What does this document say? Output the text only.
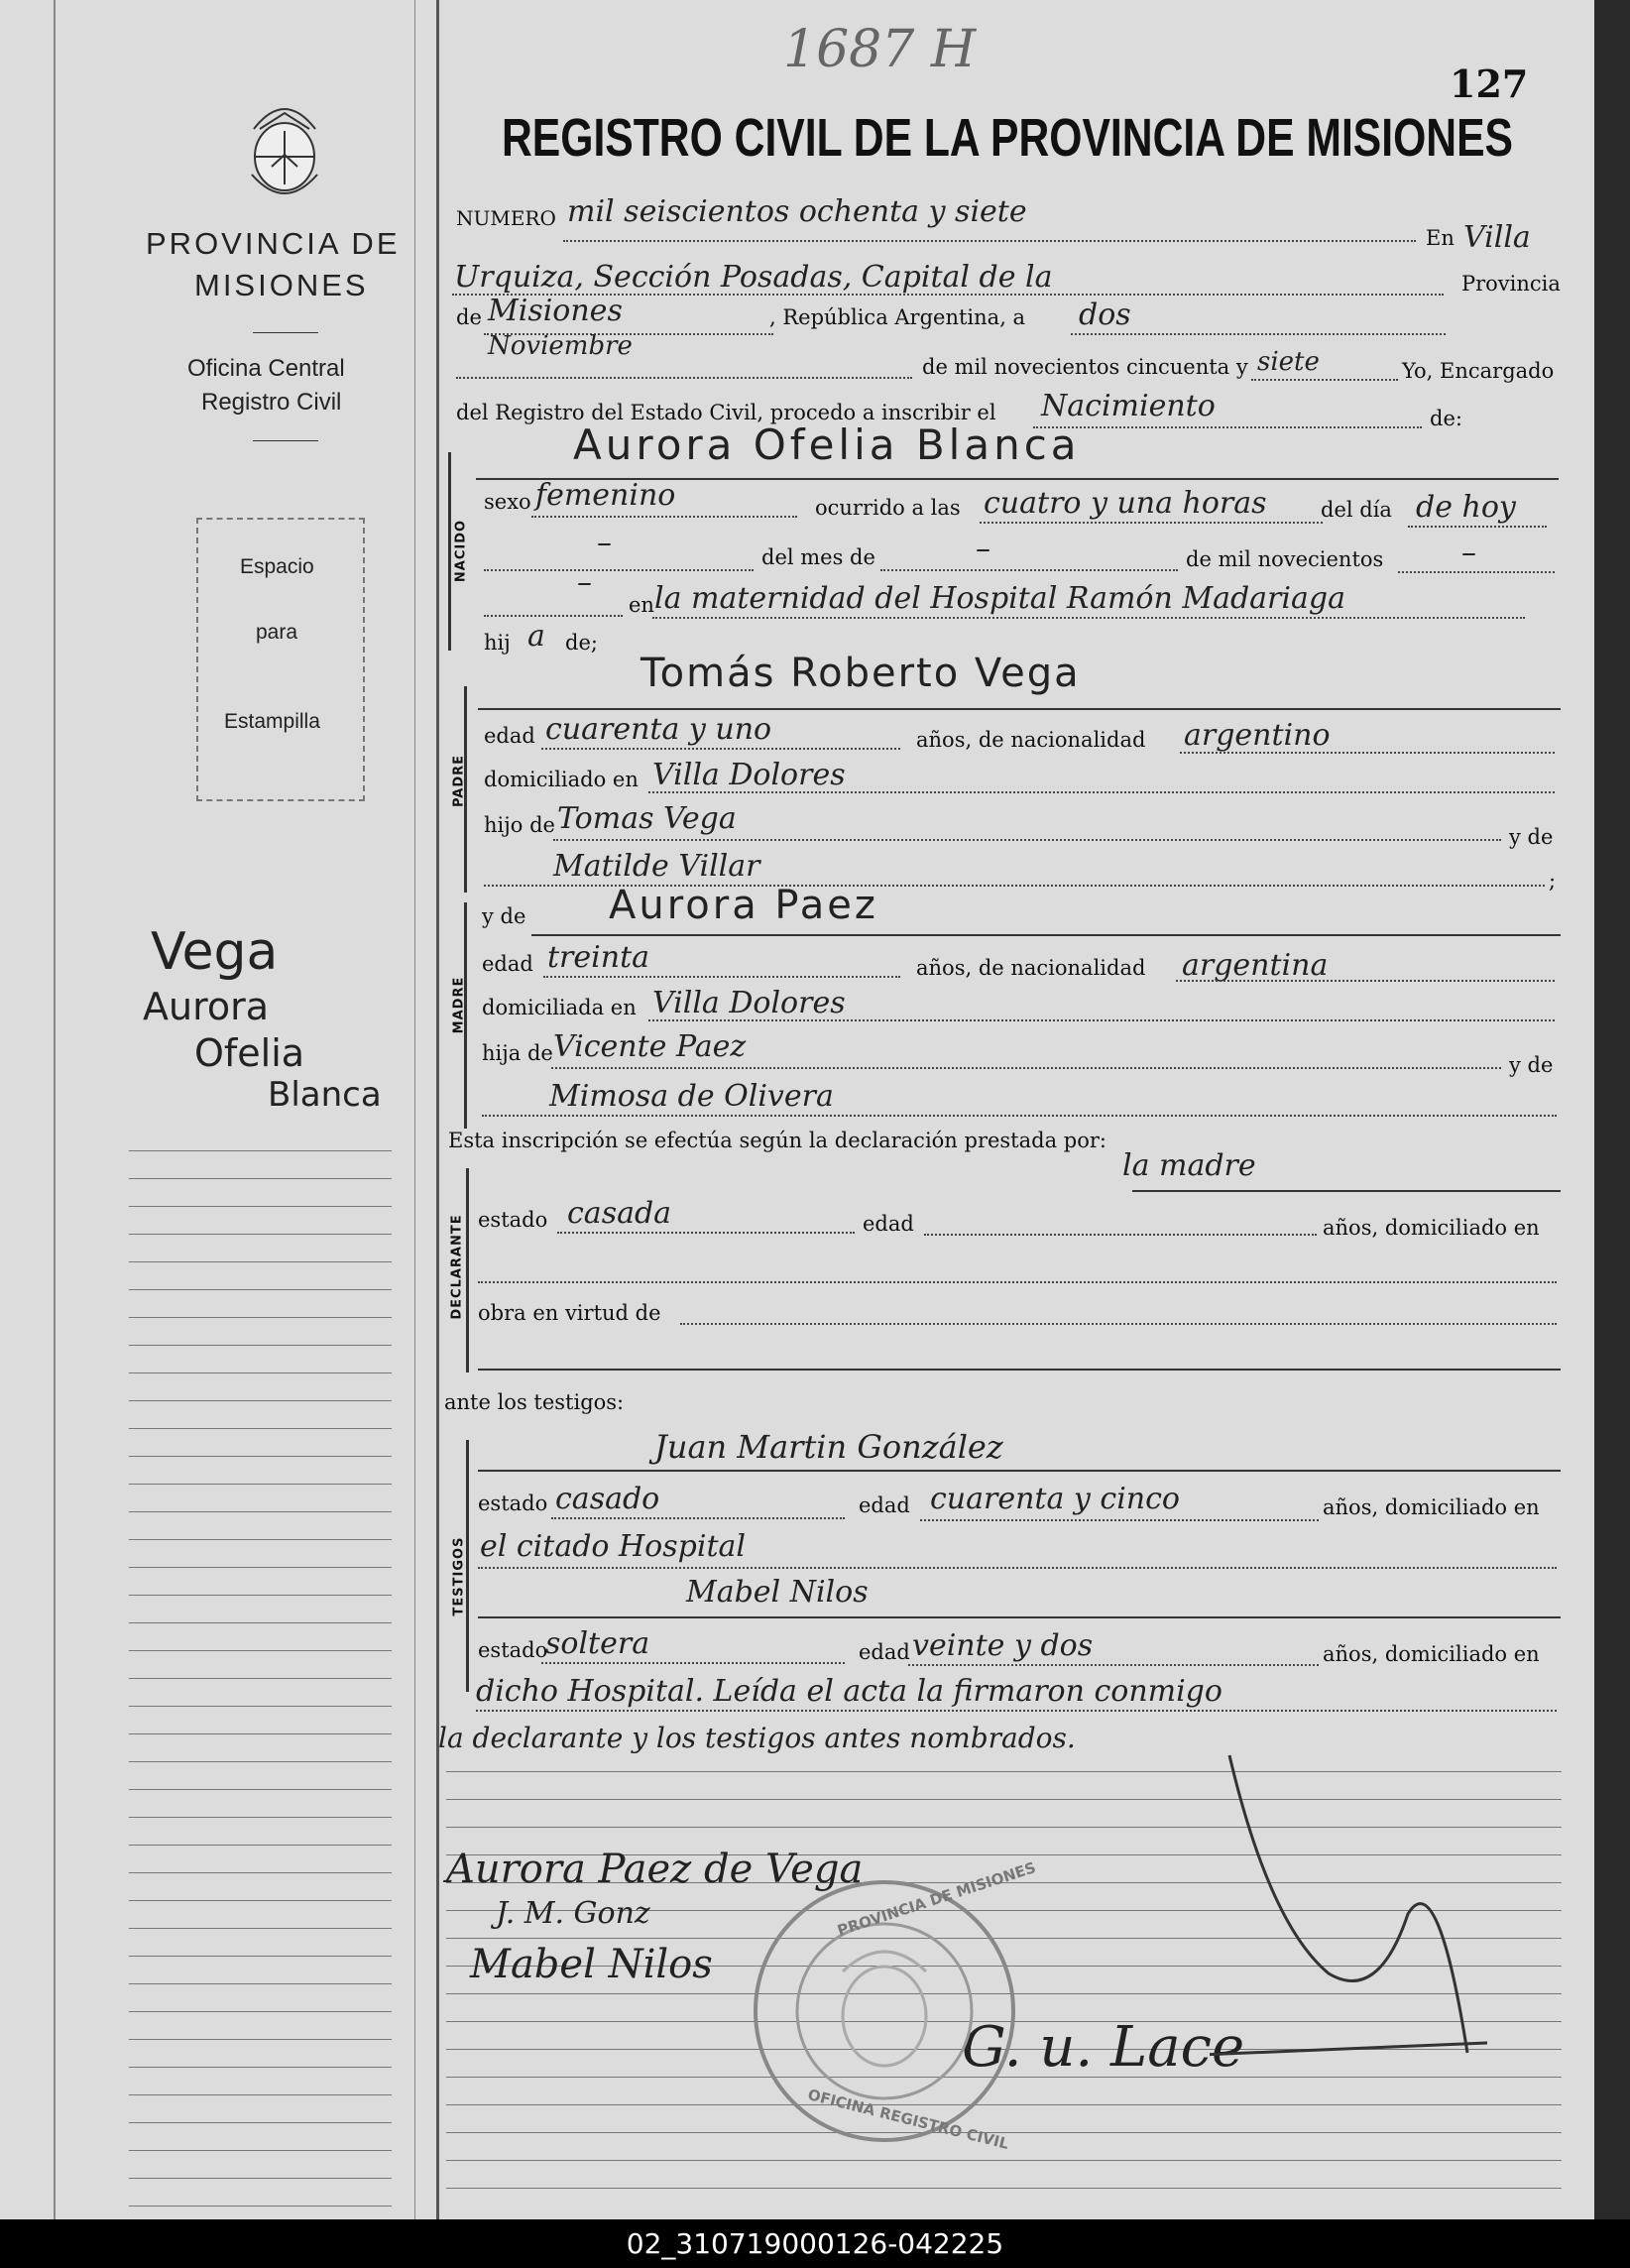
1687 H
127
REGISTRO CIVIL DE LA PROVINCIA DE MISIONES
PROVINCIA DE
MISIONES
Oficina Central
Registro Civil
Espacio
para
Estampilla
Vega
Aurora
Ofelia
Blanca
NUMERO mil seiscientos ochenta y siete
En Villa
Urquiza, Sección Posadas, Capital de la	Provincia
de Misiones	, República Argentina, a dos
Noviembre
de mil novecientos cincuenta y siete	Yo, Encargado
del Registro del Estado Civil, procedo a inscribir el Nacimiento	de:
NACIDO
Aurora Ofelia Blanca
sexo femenino	ocurrido a las cuatro y una horas	del día de hoy
–	del mes de	–	de mil novecientos	–
–
en la maternidad del Hospital Ramón Madariaga
hij a de;
PADRE
Tomás Roberto Vega
edad cuarenta y uno	años, de nacionalidad argentino
domiciliado en Villa Dolores
hijo de Tomas Vega
y de
Matilde Villar	;
MADRE
y de Aurora Paez
edad treinta	años, de nacionalidad argentina
domiciliada en Villa Dolores
hija de Vicente Paez
y de
Mimosa de Olivera
Esta inscripción se efectúa según la declaración prestada por:
la madre
DECLARANTE estado casada	edad	años, domiciliado en
obra en virtud de
ante los testigos:
TESTIGOS
Juan Martin González
estado casado	edad cuarenta y cinco	años, domiciliado en
el citado Hospital
Mabel Nilos
estado
soltera	edad veinte y dos	años, domiciliado en
dicho Hospital. Leída el acta la firmaron conmigo
la declarante y los testigos antes nombrados.
Aurora Paez de Vega
J. M. Gonz
Mabel Nilos
G. u. Lace
PROVINCIA DE MISIONES
OFICINA REGISTRO CIVIL
02_310719000126-042225
